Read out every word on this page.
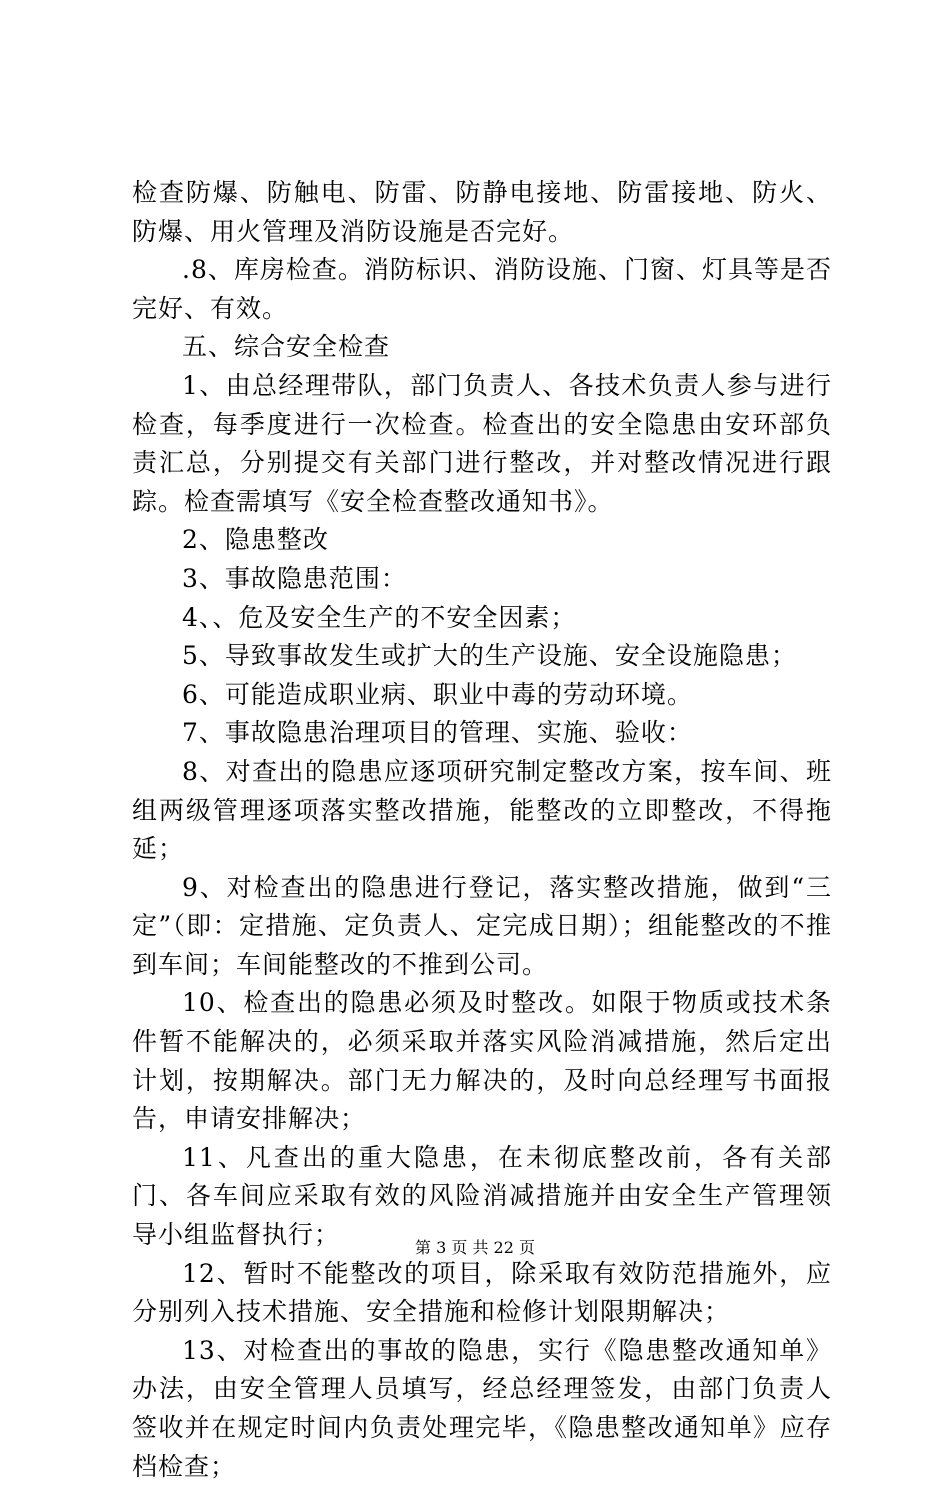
检查防爆、防触电、防雷、防静电接地、防雷接地、防火、防爆、用火管理及消防设施是否完好。

.8、库房检查。消防标识、消防设施、门窗、灯具等是否完好、有效。

五、综合安全检查

1、由总经理带队，部门负责人、各技术负责人参与进行检查，每季度进行一次检查。检查出的安全隐患由安环部负责汇总，分别提交有关部门进行整改，并对整改情况进行跟踪。检查需填写《安全检查整改通知书》。

2、隐患整改

3、事故隐患范围：

4、、危及安全生产的不安全因素；

5、导致事故发生或扩大的生产设施、安全设施隐患；

6、可能造成职业病、职业中毒的劳动环境。

7、事故隐患治理项目的管理、实施、验收：

8、对查出的隐患应逐项研究制定整改方案，按车间、班组两级管理逐项落实整改措施，能整改的立即整改，不得拖延；

9、对检查出的隐患进行登记，落实整改措施，做到“三定”（即：定措施、定负责人、定完成日期）；组能整改的不推到车间；车间能整改的不推到公司。

10、检查出的隐患必须及时整改。如限于物质或技术条件暂不能解决的，必须采取并落实风险消减措施，然后定出计划，按期解决。部门无力解决的，及时向总经理写书面报告，申请安排解决；

11、凡查出的重大隐患，在未彻底整改前，各有关部门、各车间应采取有效的风险消减措施并由安全生产管理领导小组监督执行；

12、暂时不能整改的项目，除采取有效防范措施外，应分别列入技术措施、安全措施和检修计划限期解决；

13、对检查出的事故的隐患，实行《隐患整改通知单》办法，由安全管理人员填写，经总经理签发，由部门负责人签收并在规定时间内负责处理完毕，《隐患整改通知单》应存档检查；

第 3 页 共 22 页
